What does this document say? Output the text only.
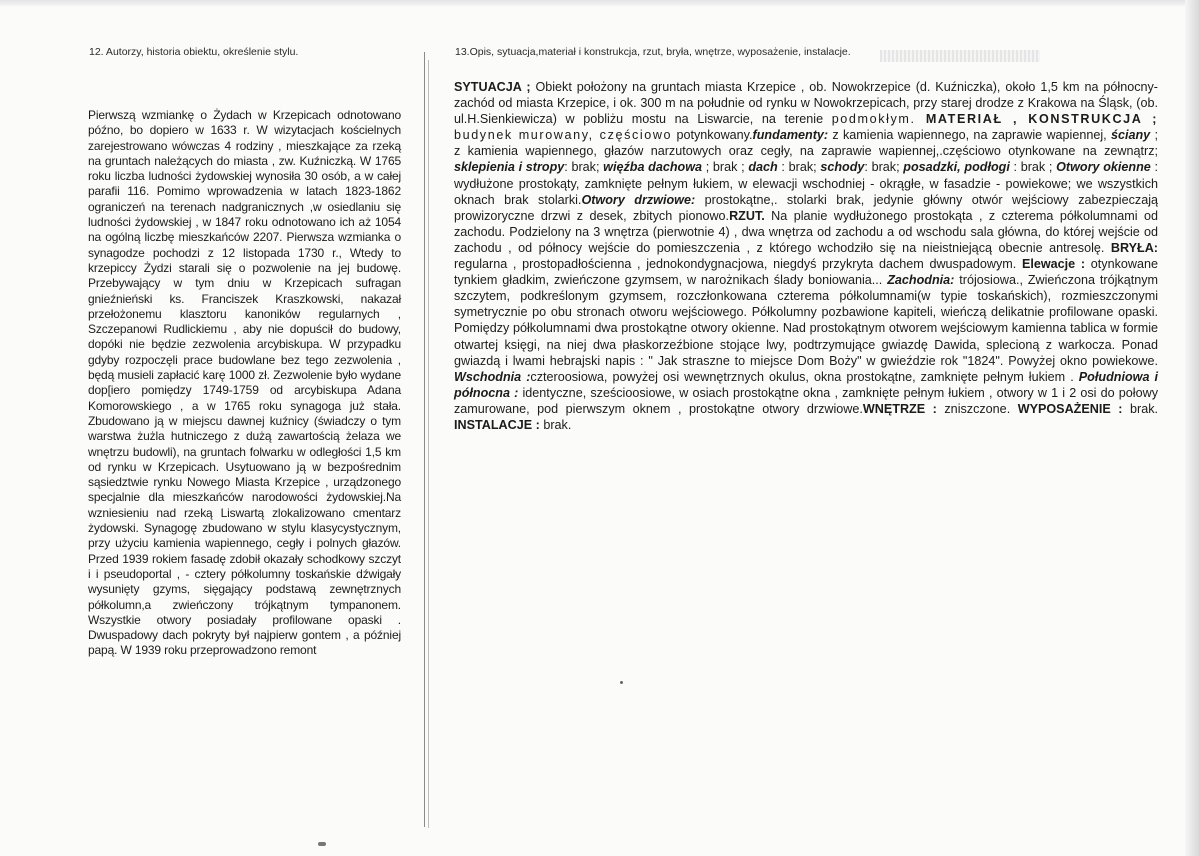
12. Autorzy, historia obiektu, określenie stylu.	13.Opis, sytuacja,materiał i konstrukcja, rzut, bryła, wnętrze, wyposażenie, instalacje.

Pierwszą wzmiankę o Żydach w Krzepicach odnotowano późno, bo dopiero w 1633 r. W wizytacjach kościelnych zarejestrowano wówczas 4 rodziny , mieszkające za rzeką na gruntach należących do miasta , zw. Kuźniczką. W 1765 roku liczba ludności żydowskiej wynosiła 30 osób, a w całej parafii 116. Pomimo wprowadzenia w latach 1823-1862 ograniczeń na terenach nadgranicznych ,w osiedlaniu się ludności żydowskiej , w 1847 roku odnotowano ich aż 1054 na ogólną liczbę mieszkańców 2207. Pierwsza wzmianka o synagodze pochodzi z 12 listopada 1730 r., Wtedy to krzepiccy Żydzi starali się o pozwolenie na jej budowę. Przebywający w tym dniu w Krzepicach sufragan gnieźnieński ks. Franciszek Kraszkowski, nakazał przełożonemu klasztoru kanoników regularnych , Szczepanowi Rudlickiemu , aby nie dopuścił do budowy, dopóki nie będzie zezwolenia arcybiskupa. W przypadku gdyby rozpoczęli prace budowlane bez tego zezwolenia , będą musieli zapłacić karę 1000 zł. Zezwolenie było wydane dop[iero pomiędzy 1749-1759 od arcybiskupa Adana Komorowskiego , a w 1765 roku synagoga już stała. Zbudowano ją w miejscu dawnej kuźnicy (świadczy o tym warstwa żużla hutniczego z dużą zawartością żelaza we wnętrzu budowli), na gruntach folwarku w odległości 1,5 km od rynku w Krzepicach. Usytuowano ją w bezpośrednim sąsiedztwie rynku Nowego Miasta Krzepice , urządzonego specjalnie dla mieszkańców narodowości żydowskiej.Na wzniesieniu nad rzeką Liswartą zlokalizowano cmentarz żydowski. Synagogę zbudowano w stylu klasycystycznym, przy użyciu kamienia wapiennego, cegły i polnych głazów. Przed 1939 rokiem fasadę zdobił okazały schodkowy szczyt i i pseudoportal , - cztery półkolumny toskańskie dźwigały wysunięty gzyms, sięgający podstawą zewnętrznych półkolumn,a zwieńczony trójkątnym tympanonem. Wszystkie otwory posiadały profilowane opaski . Dwuspadowy dach pokryty był najpierw gontem , a później papą. W 1939 roku przeprowadzono remont

SYTUACJA ; Obiekt położony na gruntach miasta Krzepice , ob. Nowokrzepice (d. Kuźniczka), około 1,5 km na północny-zachód od miasta Krzepice, i ok. 300 m na południe od rynku w Nowokrzepicach, przy starej drodze z Krakowa na Śląsk, (ob. ul.H.Sienkiewicza) w pobliżu mostu na Liswarcie, na terenie podmokłym. MATERIAŁ , KONSTRUKCJA ; budynek murowany, częściowo potynkowany.fundamenty: z kamienia wapiennego, na zaprawie wapiennej, ściany ; z kamienia wapiennego, głazów narzutowych oraz cegły, na zaprawie wapiennej,.częściowo otynkowane na zewnątrz; sklepienia i stropy: brak; więźba dachowa ; brak ; dach : brak; schody: brak; posadzki, podłogi : brak ; Otwory okienne : wydłużone prostokąty, zamknięte pełnym łukiem, w elewacji wschodniej - okrągłe, w fasadzie - powiekowe; we wszystkich oknach brak stolarki.Otwory drzwiowe: prostokątne,. stolarki brak, jedynie główny otwór wejściowy zabezpieczają prowizoryczne drzwi z desek, zbitych pionowo.RZUT. Na planie wydłużonego prostokąta , z czterema półkolumnami od zachodu. Podzielony na 3 wnętrza (pierwotnie 4) , dwa wnętrza od zachodu a od wschodu sala główna, do której wejście od zachodu , od północy wejście do pomieszczenia , z którego wchodziło się na nieistniejącą obecnie antresolę. BRYŁA: regularna , prostopadłościenna , jednokondygnacjowa, niegdyś przykryta dachem dwuspadowym. Elewacje : otynkowane tynkiem gładkim, zwieńczone gzymsem, w narożnikach ślady boniowania... Zachodnia: trójosiowa., Zwieńczona trójkątnym szczytem, podkreślonym gzymsem, rozczłonkowana czterema półkolumnami(w typie toskańskich), rozmieszczonymi symetrycznie po obu stronach otworu wejściowego. Półkolumny pozbawione kapiteli, wieńczą delikatnie profilowane opaski. Pomiędzy półkolumnami dwa prostokątne otwory okienne. Nad prostokątnym otworem wejściowym kamienna tablica w formie otwartej księgi, na niej dwa płaskorzeźbione stojące lwy, podtrzymujące gwiazdę Dawida, splecioną z warkocza. Ponad gwiazdą i lwami hebrajski napis : " Jak straszne to miejsce Dom Boży" w gwieździe rok "1824". Powyżej okno powiekowe. Wschodnia :czteroosiowa, powyżej osi wewnętrznych okulus, okna prostokątne, zamknięte pełnym łukiem . Południowa i północna : identyczne, sześcioosiowe, w osiach prostokątne okna , zamknięte pełnym łukiem , otwory w 1 i 2 osi do połowy zamurowane, pod pierwszym oknem , prostokątne otwory drzwiowe.WNĘTRZE : zniszczone. WYPOSAŻENIE : brak. INSTALACJE : brak.
